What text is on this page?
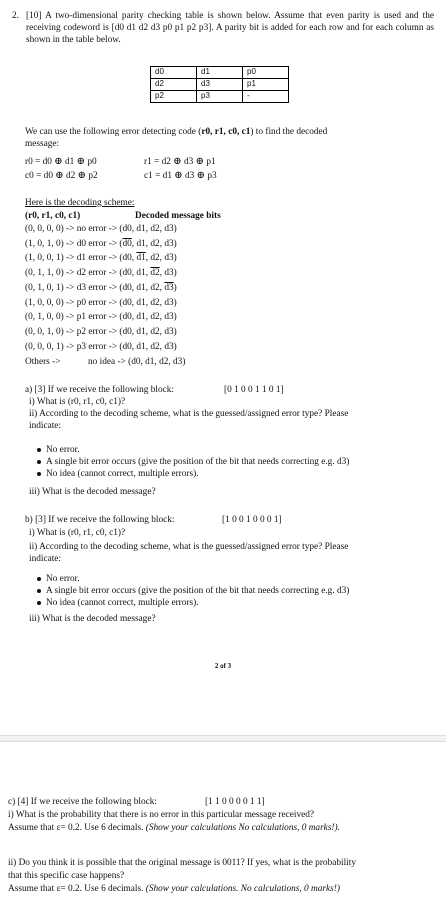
2. [10] A two-dimensional parity checking table is shown below. Assume that even parity is used and the receiving codeword is [d0 d1 d2 d3 p0 p1 p2 p3]. A parity bit is added for each row and for each column as shown in the table below.
d0	d1	p0
d2	d3	p1
p2	p3	-
We can use the following error detecting code (r0, r1, c0, c1) to find the decoded
message:
r0 = d0 ⊕ d1 ⊕ p0	r1 = d2 ⊕ d3 ⊕ p1
c0 = d0 ⊕ d2 ⊕ p2	c1 = d1 ⊕ d3 ⊕ p3
Here is the decoding scheme:
(r0, r1, c0, c1)	Decoded message bits
(0, 0, 0, 0) -> no error -> (d0, d1, d2, d3)
(1, 0, 1, 0) -> d0 error -> (d0, d1, d2, d3)
(1, 0, 0, 1) -> d1 error -> (d0, d1, d2, d3)
(0, 1, 1, 0) -> d2 error -> (d0, d1, d2, d3)
(0, 1, 0, 1) -> d3 error -> (d0, d1, d2, d3)
(1, 0, 0, 0) -> p0 error -> (d0, d1, d2, d3)
(0, 1, 0, 0) -> p1 error -> (d0, d1, d2, d3)
(0, 0, 1, 0) -> p2 error -> (d0, d1, d2, d3)
(0, 0, 0, 1) -> p3 error -> (d0, d1, d2, d3)
Others ->	no idea -> (d0, d1, d2, d3)
a) [3] If we receive the following block:	[0 1 0 0 1 1 0 1]
i) What is (r0, r1, c0, c1)?
ii) According to the decoding scheme, what is the guessed/assigned error type? Please
indicate:
No error.
A single bit error occurs (give the position of the bit that needs correcting e.g. d3)
No idea (cannot correct, multiple errors).
iii) What is the decoded message?
b) [3] If we receive the following block:	[1 0 0 1 0 0 0 1]
i) What is (r0, r1, c0, c1)?
ii) According to the decoding scheme, what is the guessed/assigned error type? Please
indicate:
No error.
A single bit error occurs (give the position of the bit that needs correcting e.g. d3)
No idea (cannot correct, multiple errors).
iii) What is the decoded message?
2 of 3
c) [4] If we receive the following block:	[1 1 0 0 0 0 1 1]
i) What is the probability that there is no error in this particular message received?
Assume that ε= 0.2. Use 6 decimals. (Show your calculations No calculations, 0 marks!).
ii) Do you think it is possible that the original message is 0011? If yes, what is the probability
that this specific case happens?
Assume that ε= 0.2. Use 6 decimals. (Show your calculations. No calculations, 0 marks!)
